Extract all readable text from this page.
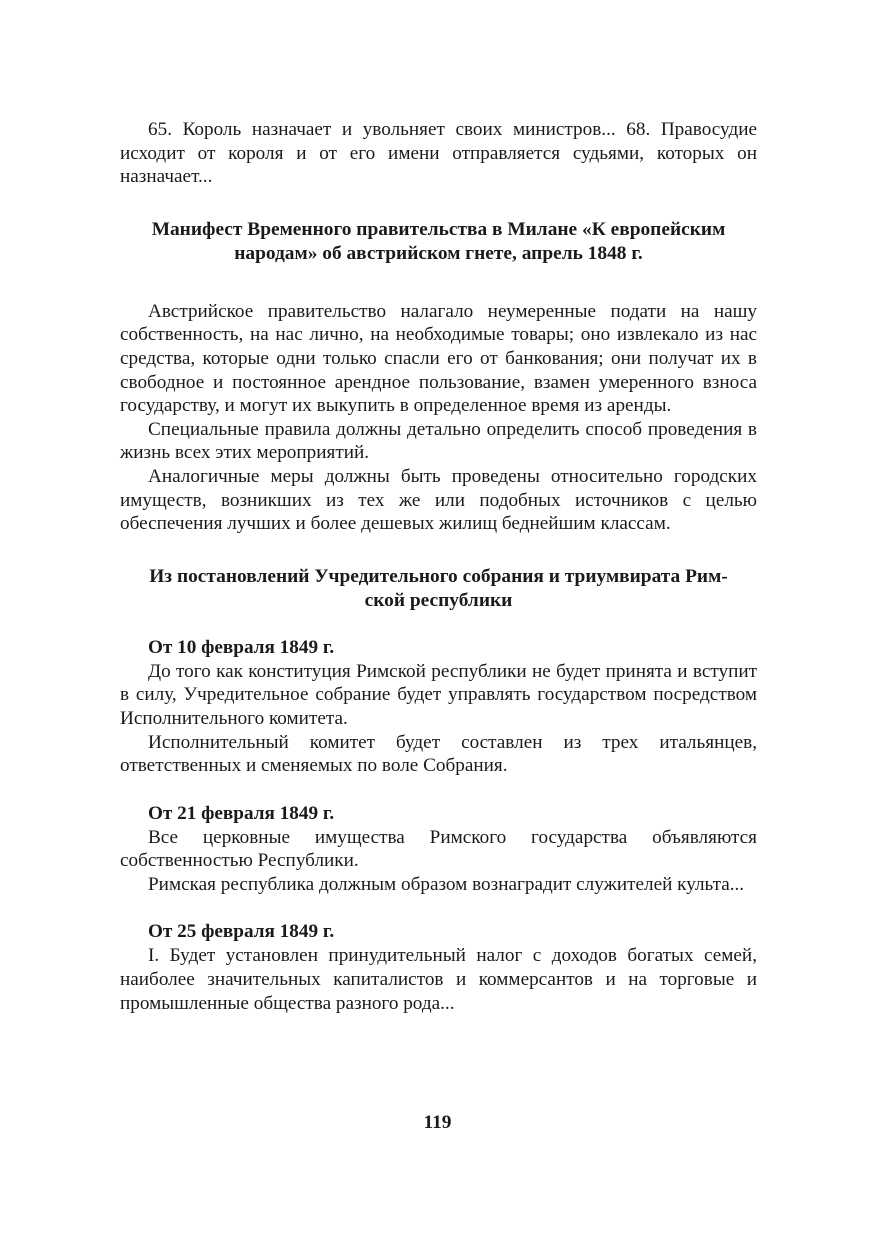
65. Король назначает и увольняет своих министров... 68. Правосудие исходит от короля и от его имени отправляется судьями, которых он назначает...

Манифест Временного правительства в Милане «К европейским

народам» об австрийском гнете, апрель 1848 г.

Австрийское правительство налагало неумеренные подати на нашу собственность, на нас лично, на необходимые товары; оно извлекало из нас средства, которые одни только спасли его от банкования; они получат их в свободное и постоянное арендное пользование, взамен умеренного взноса государству, и могут их выкупить в определенное время из аренды.

Специальные правила должны детально определить способ проведения в жизнь всех этих мероприятий.

Аналогичные меры должны быть проведены относительно городских имуществ, возникших из тех же или подобных источников с целью обеспечения лучших и более дешевых жилищ беднейшим классам.

Из постановлений Учредительного собрания и триумвирата Рим-

ской республики

От 10 февраля 1849 г.

До того как конституция Римской республики не будет принята и вступит в силу, Учредительное собрание будет управлять государством посредством Исполнительного комитета.

Исполнительный комитет будет составлен из трех итальянцев, ответственных и сменяемых по воле Собрания.

От 21 февраля 1849 г.

Все церковные имущества Римского государства объявляются собственностью Республики.

Римская республика должным образом вознаградит служителей культа...

От 25 февраля 1849 г.

I. Будет установлен принудительный налог с доходов богатых семей, наиболее значительных капиталистов и коммерсантов и на торговые и промышленные общества разного рода...

119
